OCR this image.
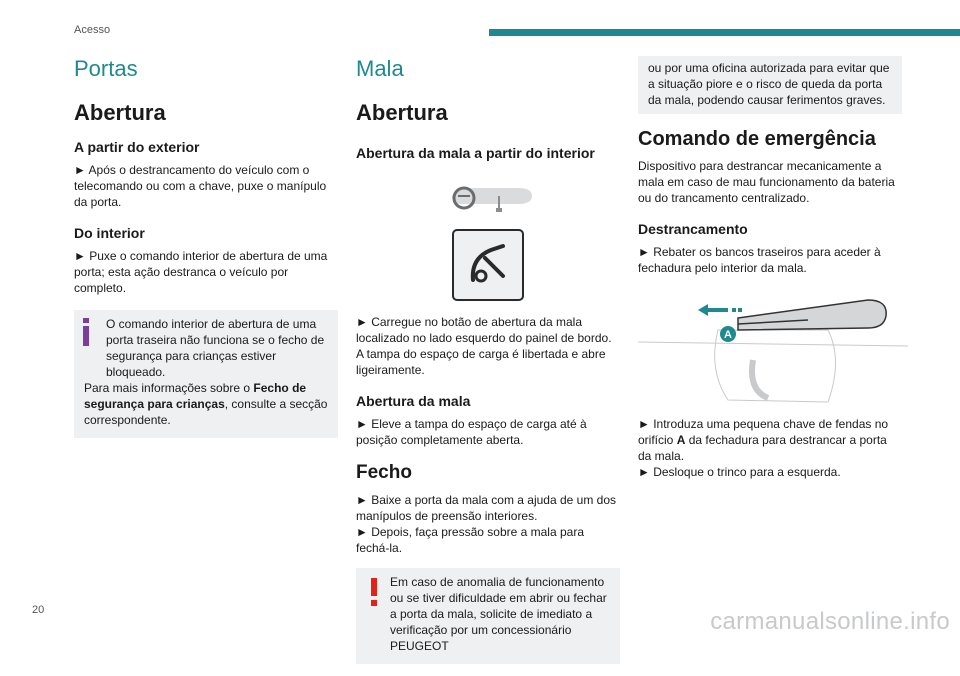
Acesso
Portas
Abertura
A partir do exterior

► Após o destrancamento do veículo com o telecomando ou com a chave, puxe o manípulo da porta.

Do interior

► Puxe o comando interior de abertura de uma porta; esta ação destranca o veículo por completo.

O comando interior de abertura de uma porta traseira não funciona se o fecho de segurança para crianças estiver bloqueado.
Para mais informações sobre o Fecho de segurança para crianças, consulte a secção correspondente.
Mala
Abertura
Abertura da mala a partir do interior

► Carregue no botão de abertura da mala localizado no lado esquerdo do painel de bordo. A tampa do espaço de carga é libertada e abre ligeiramente.

Abertura da mala

► Eleve a tampa do espaço de carga até à posição completamente aberta.

Fecho

► Baixe a porta da mala com a ajuda de um dos manípulos de preensão interiores.

► Depois, faça pressão sobre a mala para fechá-la.

Em caso de anomalia de funcionamento ou se tiver dificuldade em abrir ou fechar a porta da mala, solicite de imediato a verificação por um concessionário PEUGEOT
ou por uma oficina autorizada para evitar que a situação piore e o risco de queda da porta da mala, podendo causar ferimentos graves.
Comando de emergência

Dispositivo para destrancar mecanicamente a mala em caso de mau funcionamento da bateria ou do trancamento centralizado.

Destrancamento

► Rebater os bancos traseiros para aceder à fechadura pelo interior da mala.

A

► Introduza uma pequena chave de fendas no orifício A da fechadura para destrancar a porta da mala.

► Desloque o trinco para a esquerda.

20	carmanualsonline.info
